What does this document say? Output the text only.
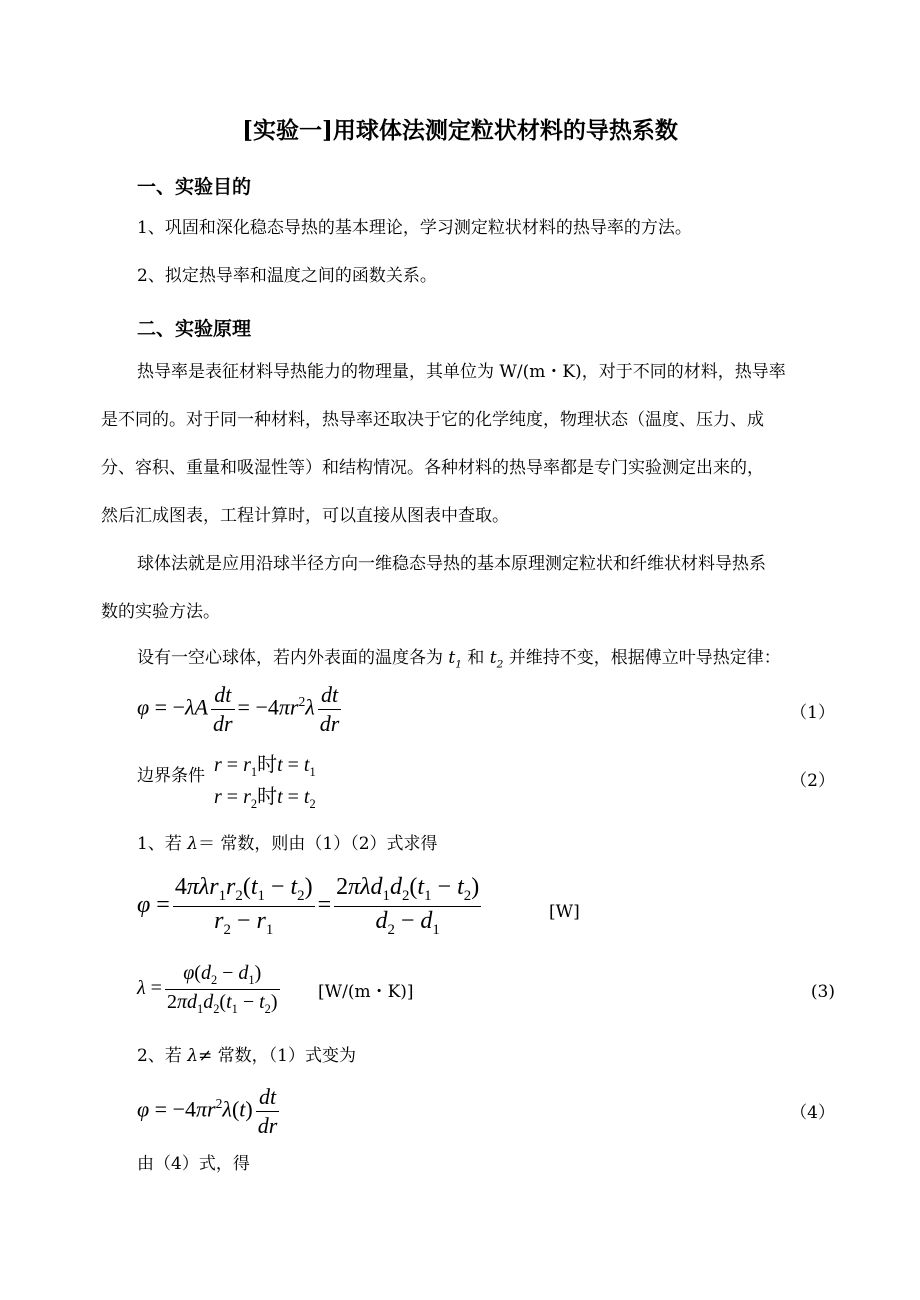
[实验一]用球体法测定粒状材料的导热系数
一、实验目的
1、巩固和深化稳态导热的基本理论，学习测定粒状材料的热导率的方法。
2、拟定热导率和温度之间的函数关系。
二、实验原理
热导率是表征材料导热能力的物理量，其单位为 W/(m・K)，对于不同的材料，热导率
是不同的。对于同一种材料，热导率还取决于它的化学纯度，物理状态（温度、压力、成
分、容积、重量和吸湿性等）和结构情况。各种材料的热导率都是专门实验测定出来的，
然后汇成图表，工程计算时，可以直接从图表中查取。
球体法就是应用沿球半径方向一维稳态导热的基本原理测定粒状和纤维状材料导热系
数的实验方法。
设有一空心球体，若内外表面的温度各为 $t_1$ 和 $t_2$ 并维持不变，根据傅立叶导热定律：
$\varphi = -\lambda A \frac{dt}{dr} = -4\pi r^2\lambda \frac{dt}{dr}$	（1）
边界条件 $r = r_1$时$t = t_1$
$r = r_2$时$t = t_2$
（2）
1、若 λ＝ 常数，则由（1）（2）式求得
$\varphi = \frac{4\pi\lambda r_1r_2(t_1 - t_2)}{r_2 - r_1} = \frac{2\pi\lambda d_1d_2(t_1 - t_2)}{d_2 - d_1}$	[W]
$\lambda = \frac{\varphi(d_2 - d_1)}{2\pi d_1d_2(t_1 - t_2)} [W/(m$・K)]	(3)
2、若 λ≠ 常数，（1）式变为
$\varphi = -4\pi r^2\lambda(t) \frac{dt}{dr}$	（4）
由（4）式，得
